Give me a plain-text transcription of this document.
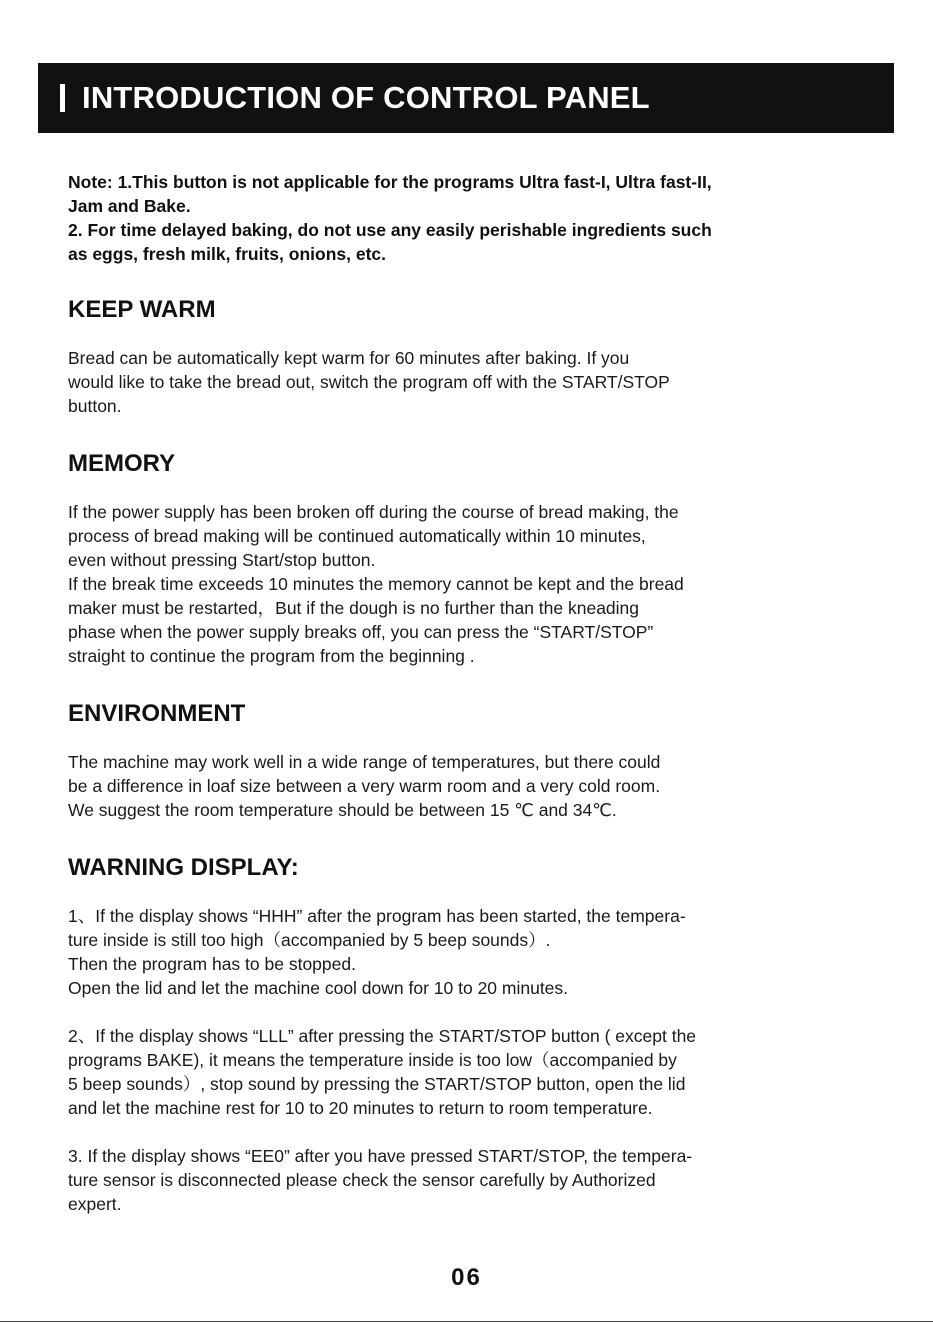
INTRODUCTION OF CONTROL PANEL

Note: 1.This button is not applicable for the programs Ultra fast-I, Ultra fast-II,

Jam and Bake.

2. For time delayed baking, do not use any easily perishable ingredients such

as eggs, fresh milk, fruits, onions, etc.

KEEP WARM

Bread can be automatically kept warm for 60 minutes after baking. If you

would like to take the bread out, switch the program off with the START/STOP

button.

MEMORY

If the power supply has been broken off during the course of bread making, the

process of bread making will be continued automatically within 10 minutes,

even without pressing Start/stop button.

If the break time exceeds 10 minutes the memory cannot be kept and the bread

maker must be restarted，But if the dough is no further than the kneading

phase when the power supply breaks off, you can press the “START/STOP”

straight to continue the program from the beginning .

ENVIRONMENT

The machine may work well in a wide range of temperatures, but there could

be a difference in loaf size between a very warm room and a very cold room.

We suggest the room temperature should be between 15 ℃ and 34℃.

WARNING DISPLAY:

1、If the display shows “HHH” after the program has been started, the tempera-

ture inside is still too high（accompanied by 5 beep sounds）.

Then the program has to be stopped.

Open the lid and let the machine cool down for 10 to 20 minutes.

2、If the display shows “LLL” after pressing the START/STOP button ( except the

programs BAKE), it means the temperature inside is too low（accompanied by

5 beep sounds）, stop sound by pressing the START/STOP button, open the lid

and let the machine rest for 10 to 20 minutes to return to room temperature.

3. If the display shows “EE0” after you have pressed START/STOP, the tempera-

ture sensor is disconnected please check the sensor carefully by Authorized

expert.

06
